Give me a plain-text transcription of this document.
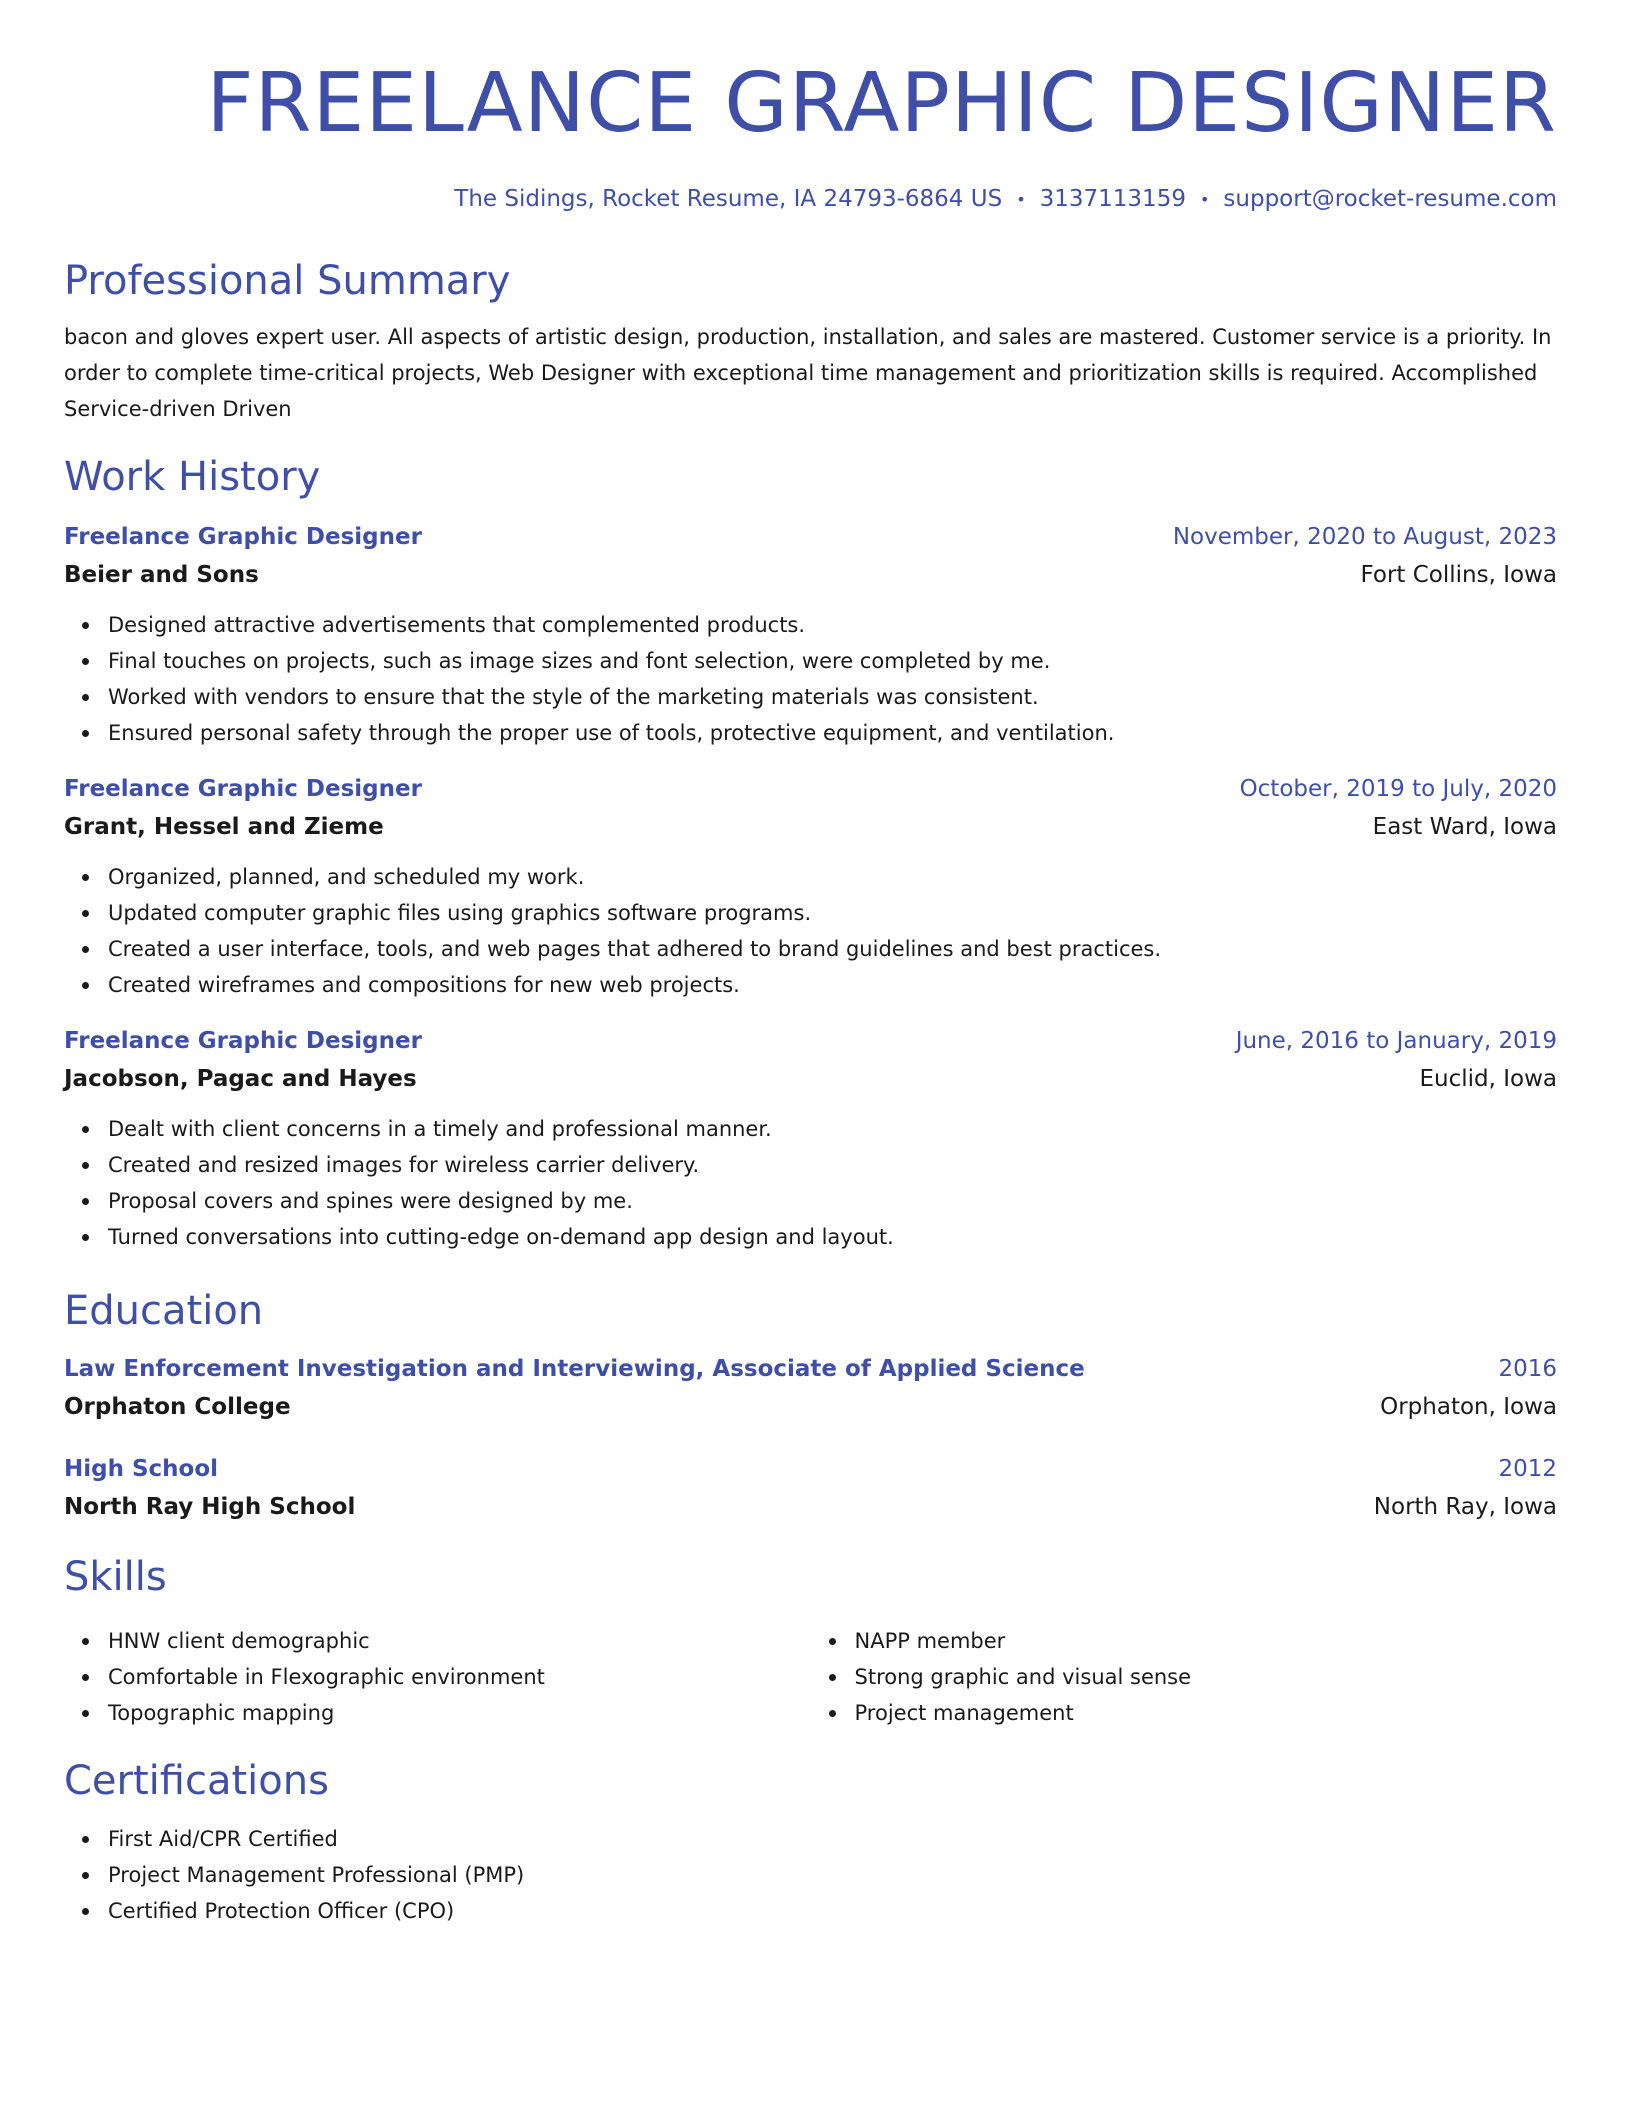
FREELANCE GRAPHIC DESIGNER
The Sidings, Rocket Resume, IA 24793-6864 US • 3137113159 • support@rocket-resume.com
Professional Summary
bacon and gloves expert user. All aspects of artistic design, production, installation, and sales are mastered. Customer service is a priority. In order to complete time-critical projects, Web Designer with exceptional time management and prioritization skills is required. Accomplished Service-driven Driven
Work History
Freelance Graphic Designer	November, 2020 to August, 2023
Beier and Sons	Fort Collins, Iowa
Designed attractive advertisements that complemented products.
Final touches on projects, such as image sizes and font selection, were completed by me.
Worked with vendors to ensure that the style of the marketing materials was consistent.
Ensured personal safety through the proper use of tools, protective equipment, and ventilation.
Freelance Graphic Designer	October, 2019 to July, 2020
Grant, Hessel and Zieme	East Ward, Iowa
Organized, planned, and scheduled my work.
Updated computer graphic files using graphics software programs.
Created a user interface, tools, and web pages that adhered to brand guidelines and best practices.
Created wireframes and compositions for new web projects.
Freelance Graphic Designer	June, 2016 to January, 2019
Jacobson, Pagac and Hayes	Euclid, Iowa
Dealt with client concerns in a timely and professional manner.
Created and resized images for wireless carrier delivery.
Proposal covers and spines were designed by me.
Turned conversations into cutting-edge on-demand app design and layout.
Education
Law Enforcement Investigation and Interviewing, Associate of Applied Science	2016
Orphaton College	Orphaton, Iowa
High School	2012
North Ray High School	North Ray, Iowa
Skills
HNW client demographic
Comfortable in Flexographic environment
Topographic mapping
NAPP member
Strong graphic and visual sense
Project management
Certifications
First Aid/CPR Certified
Project Management Professional (PMP)
Certified Protection Officer (CPO)
